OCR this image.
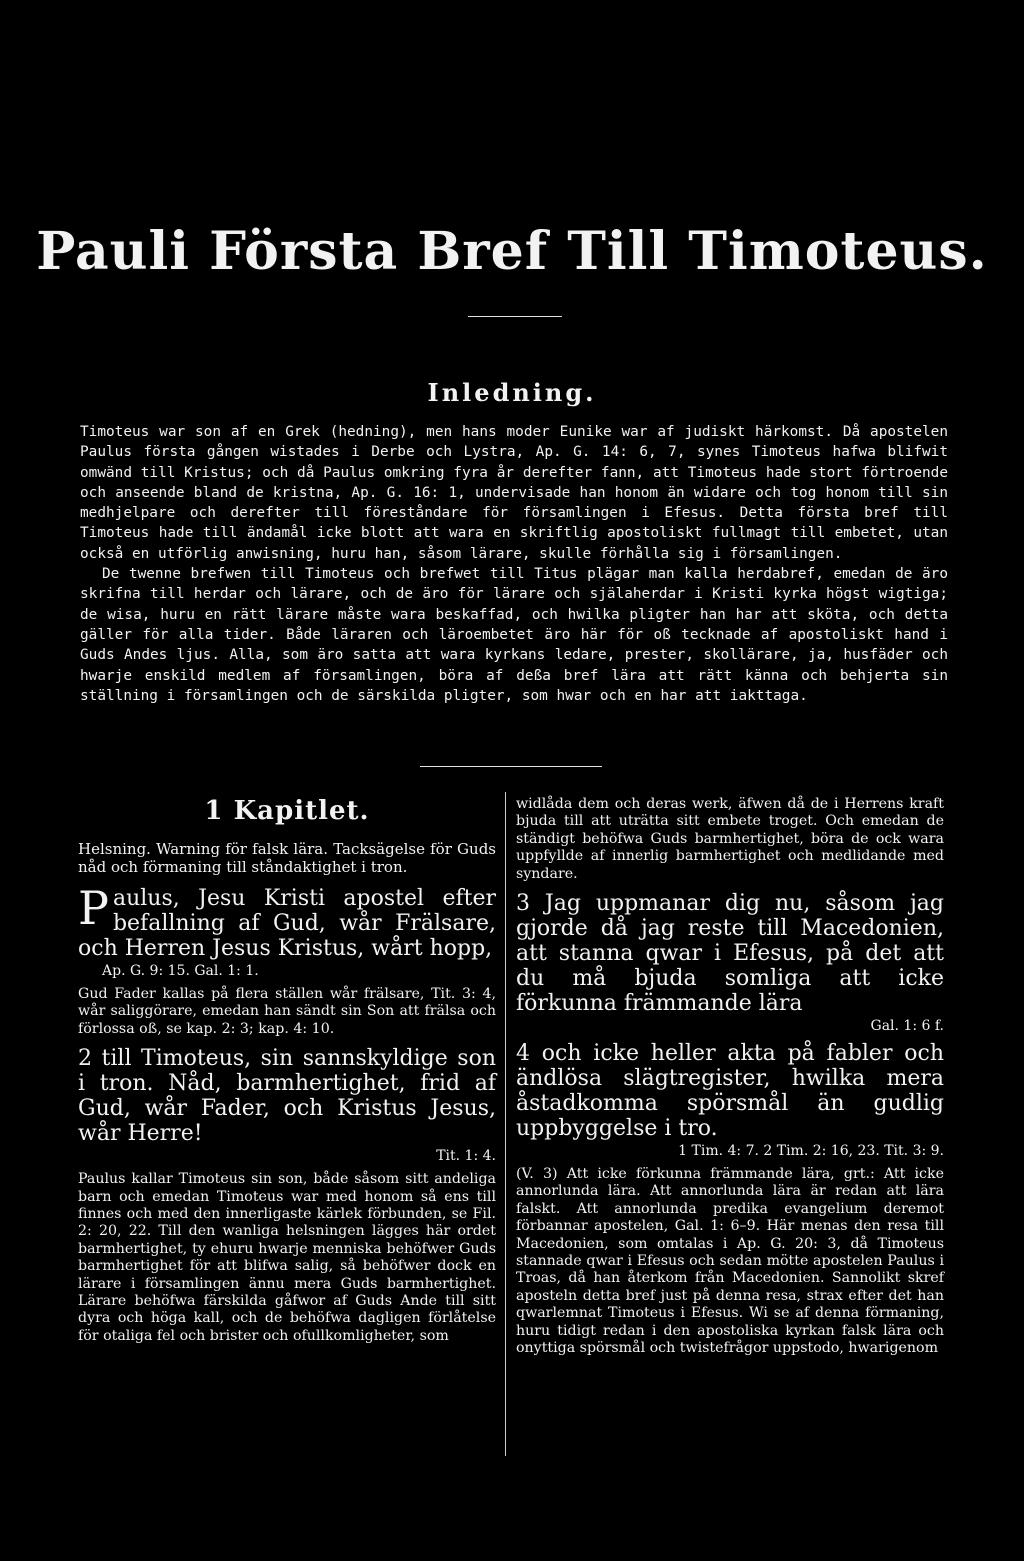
Pauli Första Bref Till Timoteus.
Inledning.

Timoteus war son af en Grek (hedning), men hans moder Eunike war af judiskt härkomst. Då apostelen Paulus första gången wistades i Derbe och Lystra, Ap. G. 14: 6, 7, synes Timoteus hafwa blifwit omwänd till Kristus; och då Paulus omkring fyra år derefter fann, att Timoteus hade stort förtroende och anseende bland de kristna, Ap. G. 16: 1, undervisade han honom än widare och tog honom till sin medhjelpare och derefter till föreståndare för församlingen i Efesus. Detta första bref till Timoteus hade till ändamål icke blott att wara en skriftlig apostoliskt fullmagt till embetet, utan också en utförlig anwisning, huru han, såsom lärare, skulle förhålla sig i församlingen.

De twenne brefwen till Timoteus och brefwet till Titus plägar man kalla herdabref, emedan de äro skrifna till herdar och lärare, och de äro för lärare och själaherdar i Kristi kyrka högst wigtiga; de wisa, huru en rätt lärare måste wara beskaffad, och hwilka pligter han har att sköta, och detta gäller för alla tider. Både läraren och läroembetet äro här för oß tecknade af apostoliskt hand i Guds Andes ljus. Alla, som äro satta att wara kyrkans ledare, prester, skollärare, ja, husfäder och hwarje enskild medlem af församlingen, böra af deßa bref lära att rätt känna och behjerta sin ställning i församlingen och de särskilda pligter, som hwar och en har att iakttaga.

1 Kapitlet.

Helsning. Warning för falsk lära. Tacksägelse för Guds nåd och förmaning till ståndaktighet i tron.

Paulus, Jesu Kristi apostel efter befallning af Gud, wår Frälsare, och Herren Jesus Kristus, wårt hopp,

Ap. G. 9: 15. Gal. 1: 1.

Gud Fader kallas på flera ställen wår frälsare, Tit. 3: 4, wår saliggörare, emedan han sändt sin Son att frälsa och förlossa oß, se kap. 2: 3; kap. 4: 10.

2 till Timoteus, sin sannskyldige son i tron. Nåd, barmhertighet, frid af Gud, wår Fader, och Kristus Jesus, wår Herre!

Tit. 1: 4.

Paulus kallar Timoteus sin son, både såsom sitt andeliga barn och emedan Timoteus war med honom så ens till finnes och med den innerligaste kärlek förbunden, se Fil. 2: 20, 22. Till den wanliga helsningen lägges här ordet barmhertighet, ty ehuru hwarje menniska behöfwer Guds barmhertighet för att blifwa salig, så behöfwer dock en lärare i församlingen ännu mera Guds barmhertighet. Lärare behöfwa färskilda gåfwor af Guds Ande till sitt dyra och höga kall, och de behöfwa dagligen förlåtelse för otaliga fel och brister och ofullkomligheter, som

widlåda dem och deras werk, äfwen då de i Herrens kraft bjuda till att uträtta sitt embete troget. Och emedan de ständigt behöfwa Guds barmhertighet, böra de ock wara uppfyllde af innerlig barmhertighet och medlidande med syndare.

3 Jag uppmanar dig nu, såsom jag gjorde då jag reste till Macedonien, att stanna qwar i Efesus, på det att du må bjuda somliga att icke förkunna främmande lära

Gal. 1: 6 f.

4 och icke heller akta på fabler och ändlösa slägtregister, hwilka mera åstadkomma spörsmål än gudlig uppbyggelse i tro.

1 Tim. 4: 7. 2 Tim. 2: 16, 23. Tit. 3: 9.

(V. 3) Att icke förkunna främmande lära, grt.: Att icke annorlunda lära. Att annorlunda lära är redan att lära falskt. Att annorlunda predika evangelium deremot förbannar apostelen, Gal. 1: 6–9. Här menas den resa till Macedonien, som omtalas i Ap. G. 20: 3, då Timoteus stannade qwar i Efesus och sedan mötte apostelen Paulus i Troas, då han återkom från Macedonien. Sannolikt skref aposteln detta bref just på denna resa, strax efter det han qwarlemnat Timoteus i Efesus. Wi se af denna förmaning, huru tidigt redan i den apostoliska kyrkan falsk lära och onyttiga spörsmål och twistefrågor uppstodo, hwarigenom
